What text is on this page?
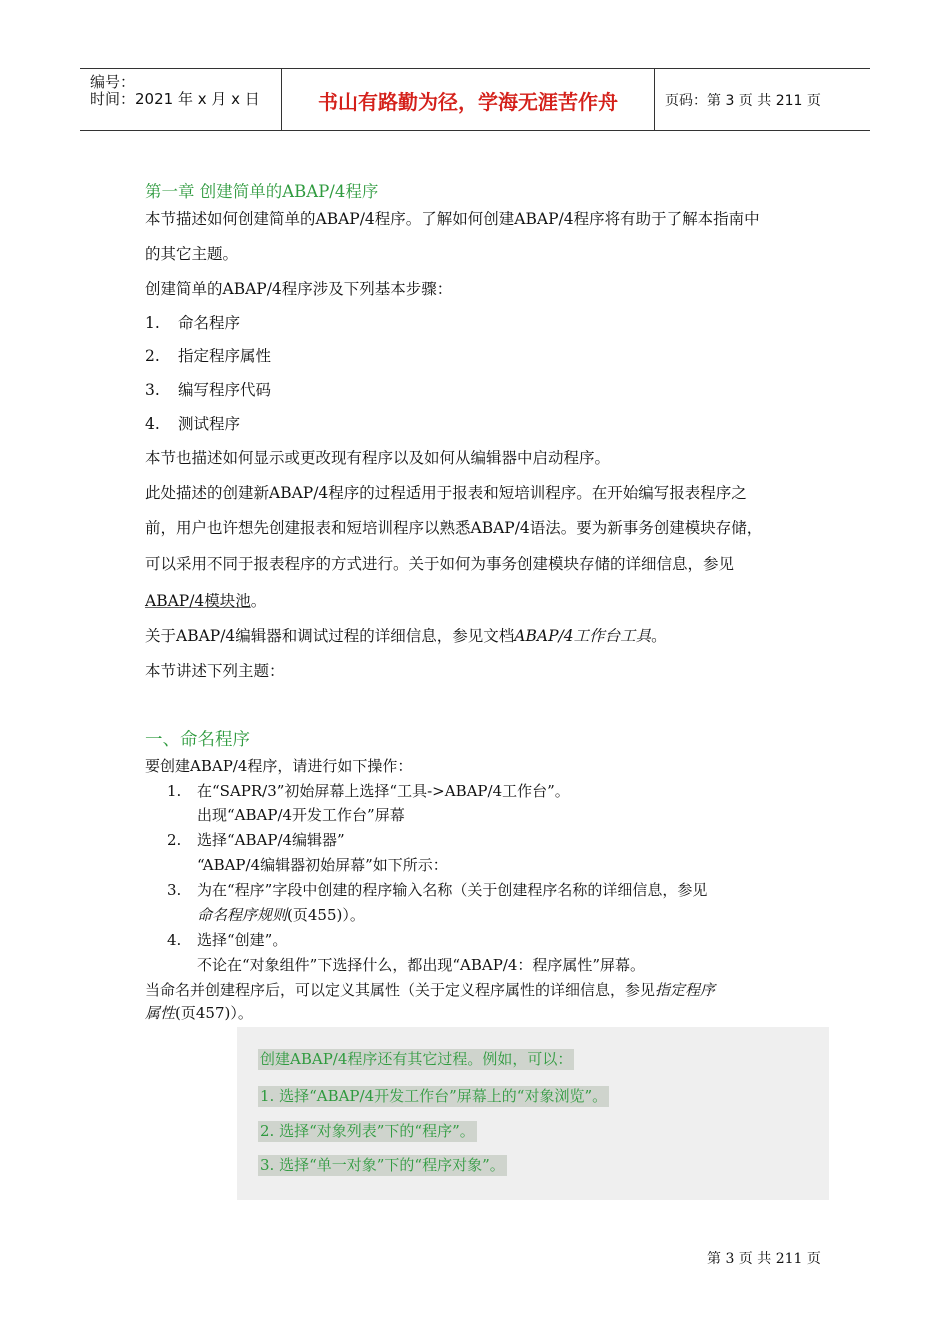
编号：
时间：2021 年 x 月 x 日	书山有路勤为径，学海无涯苦作舟	页码：第 3 页 共 211 页
第一章 创建简单的ABAP/4程序
本节描述如何创建简单的ABAP/4程序。了解如何创建ABAP/4程序将有助于了解本指南中
的其它主题。
创建简单的ABAP/4程序涉及下列基本步骤：
1. 命名程序
2. 指定程序属性
3. 编写程序代码
4. 测试程序
本节也描述如何显示或更改现有程序以及如何从编辑器中启动程序。
此处描述的创建新ABAP/4程序的过程适用于报表和短培训程序。在开始编写报表程序之
前，用户也许想先创建报表和短培训程序以熟悉ABAP/4语法。要为新事务创建模块存储，
可以采用不同于报表程序的方式进行。关于如何为事务创建模块存储的详细信息，参见
ABAP/4模块池。
关于ABAP/4编辑器和调试过程的详细信息，参见文档ABAP/4工作台工具。
本节讲述下列主题：
一、命名程序
要创建ABAP/4程序，请进行如下操作：
1. 在“SAPR/3”初始屏幕上选择“工具->ABAP/4工作台”。
出现“ABAP/4开发工作台”屏幕
2. 选择“ABAP/4编辑器”
“ABAP/4编辑器初始屏幕”如下所示：
3. 为在“程序”字段中创建的程序输入名称（关于创建程序名称的详细信息，参见
命名程序规则(页455)）。
4. 选择“创建”。
不论在“对象组件”下选择什么，都出现“ABAP/4：程序属性”屏幕。
当命名并创建程序后，可以定义其属性（关于定义程序属性的详细信息，参见指定程序
属性(页457)）。
创建ABAP/4程序还有其它过程。例如，可以：
1. 选择“ABAP/4开发工作台”屏幕上的“对象浏览”。
2. 选择“对象列表”下的“程序”。
3. 选择“单一对象”下的“程序对象”。
第 3 页 共 211 页
